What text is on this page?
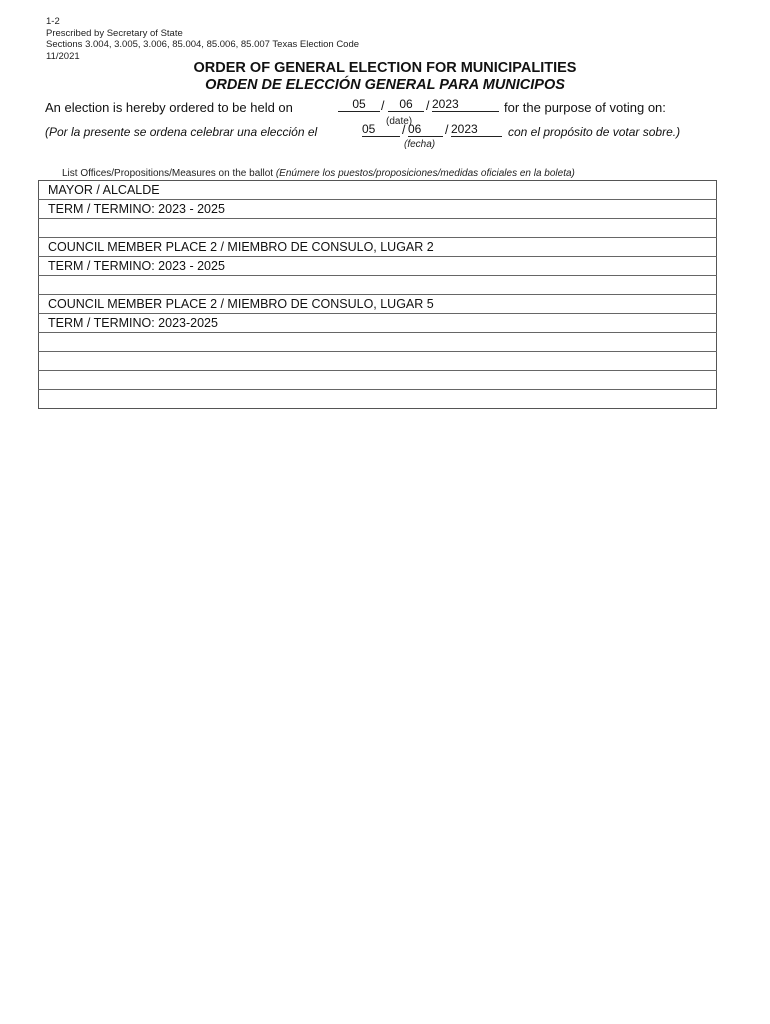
1-2
Prescribed by Secretary of State
Sections 3.004, 3.005, 3.006, 85.004, 85.006, 85.007 Texas Election Code
11/2021
ORDER OF GENERAL ELECTION FOR MUNICIPALITIES
ORDEN DE ELECCIÓN GENERAL PARA MUNICIPOS
An election is hereby ordered to be held on	05	/	06	/ 2023	for the purpose of voting on:
(date)
(Por la presente se ordena celebrar una elección el	05	/ 06	/ 2023	con el propósito de votar sobre.)
(fecha)
List Offices/Propositions/Measures on the ballot (Enúmere los puestos/proposiciones/medidas oficiales en la boleta)
MAYOR / ALCALDE
TERM / TERMINO: 2023 - 2025

COUNCIL MEMBER PLACE 2 / MIEMBRO DE CONSULO, LUGAR 2
TERM / TERMINO: 2023 - 2025

COUNCIL MEMBER PLACE 2 / MIEMBRO DE CONSULO, LUGAR 5
TERM / TERMINO: 2023-2025
